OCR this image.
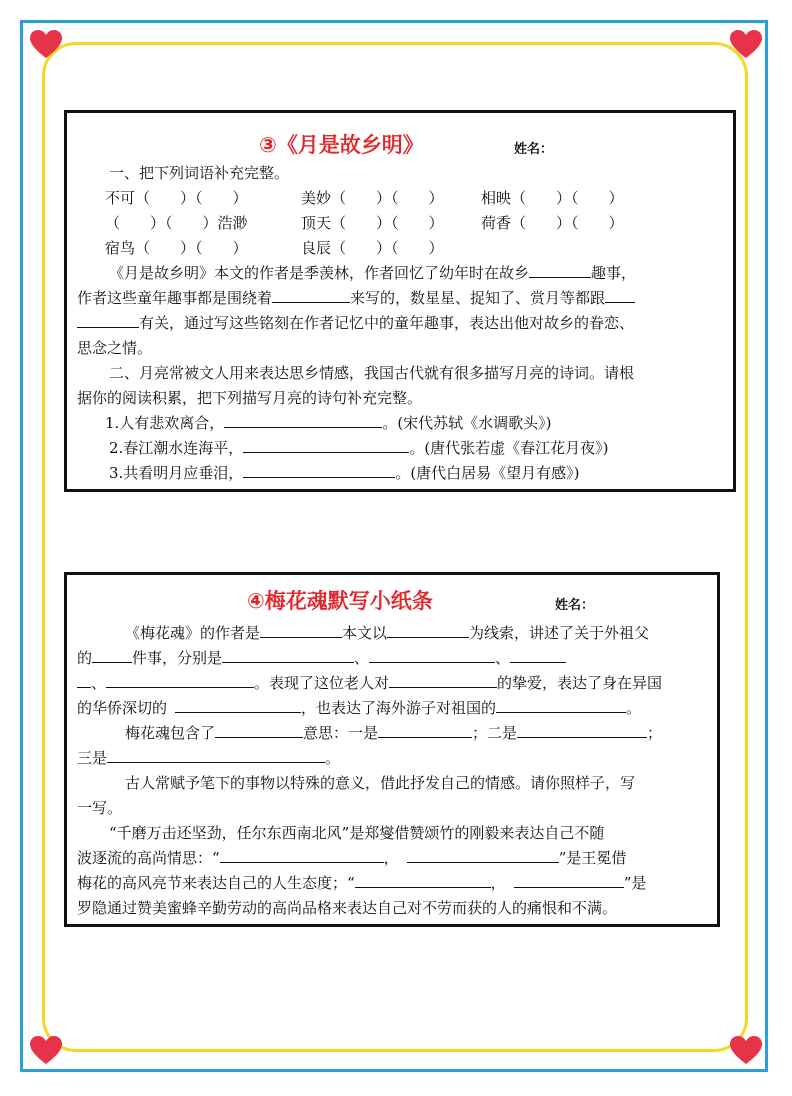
③《月是故乡明》	姓名：
一、把下列词语补充完整。
不可（　　）（　　）	美妙（　　）（　　） 相映（　　）（　　）
（　　）（　　）浩渺	顶天（　　）（　　） 荷香（　　）（　　）
宿鸟（　　）（　　）	良辰（　　）（　　）
《月是故乡明》本文的作者是季羡林，作者回忆了幼年时在故乡	趣事，
作者这些童年趣事都是围绕着	来写的，数星星、捉知了、赏月等都跟
有关，通过写这些铭刻在作者记忆中的童年趣事，表达出他对故乡的眷恋、
思念之情。
二、月亮常被文人用来表达思乡情感，我国古代就有很多描写月亮的诗词。请根
据你的阅读积累，把下列描写月亮的诗句补充完整。
1.人有悲欢离合，	。(宋代苏轼《水调歌头》)
2.春江潮水连海平，	。(唐代张若虚《春江花月夜》)
3.共看明月应垂泪，	。(唐代白居易《望月有感》)
④梅花魂默写小纸条	姓名：
《梅花魂》的作者是	本文以	为线索，讲述了关于外祖父
的	件事，分别是	、	、
、	。表现了这位老人对	的挚爱，表达了身在异国
的华侨深切的	，也表达了海外游子对祖国的	。
梅花魂包含了	意思：一是	；二是	；
三是	。
古人常赋予笔下的事物以特殊的意义，借此抒发自己的情感。请你照样子，写
一写。
“千磨万击还坚劲，任尔东西南北风”是郑燮借赞颂竹的刚毅来表达自己不随
波逐流的高尚情思：“	，	”是王冕借
梅花的高风亮节来表达自己的人生态度；“	，	”是
罗隐通过赞美蜜蜂辛勤劳动的高尚品格来表达自己对不劳而获的人的痛恨和不满。
